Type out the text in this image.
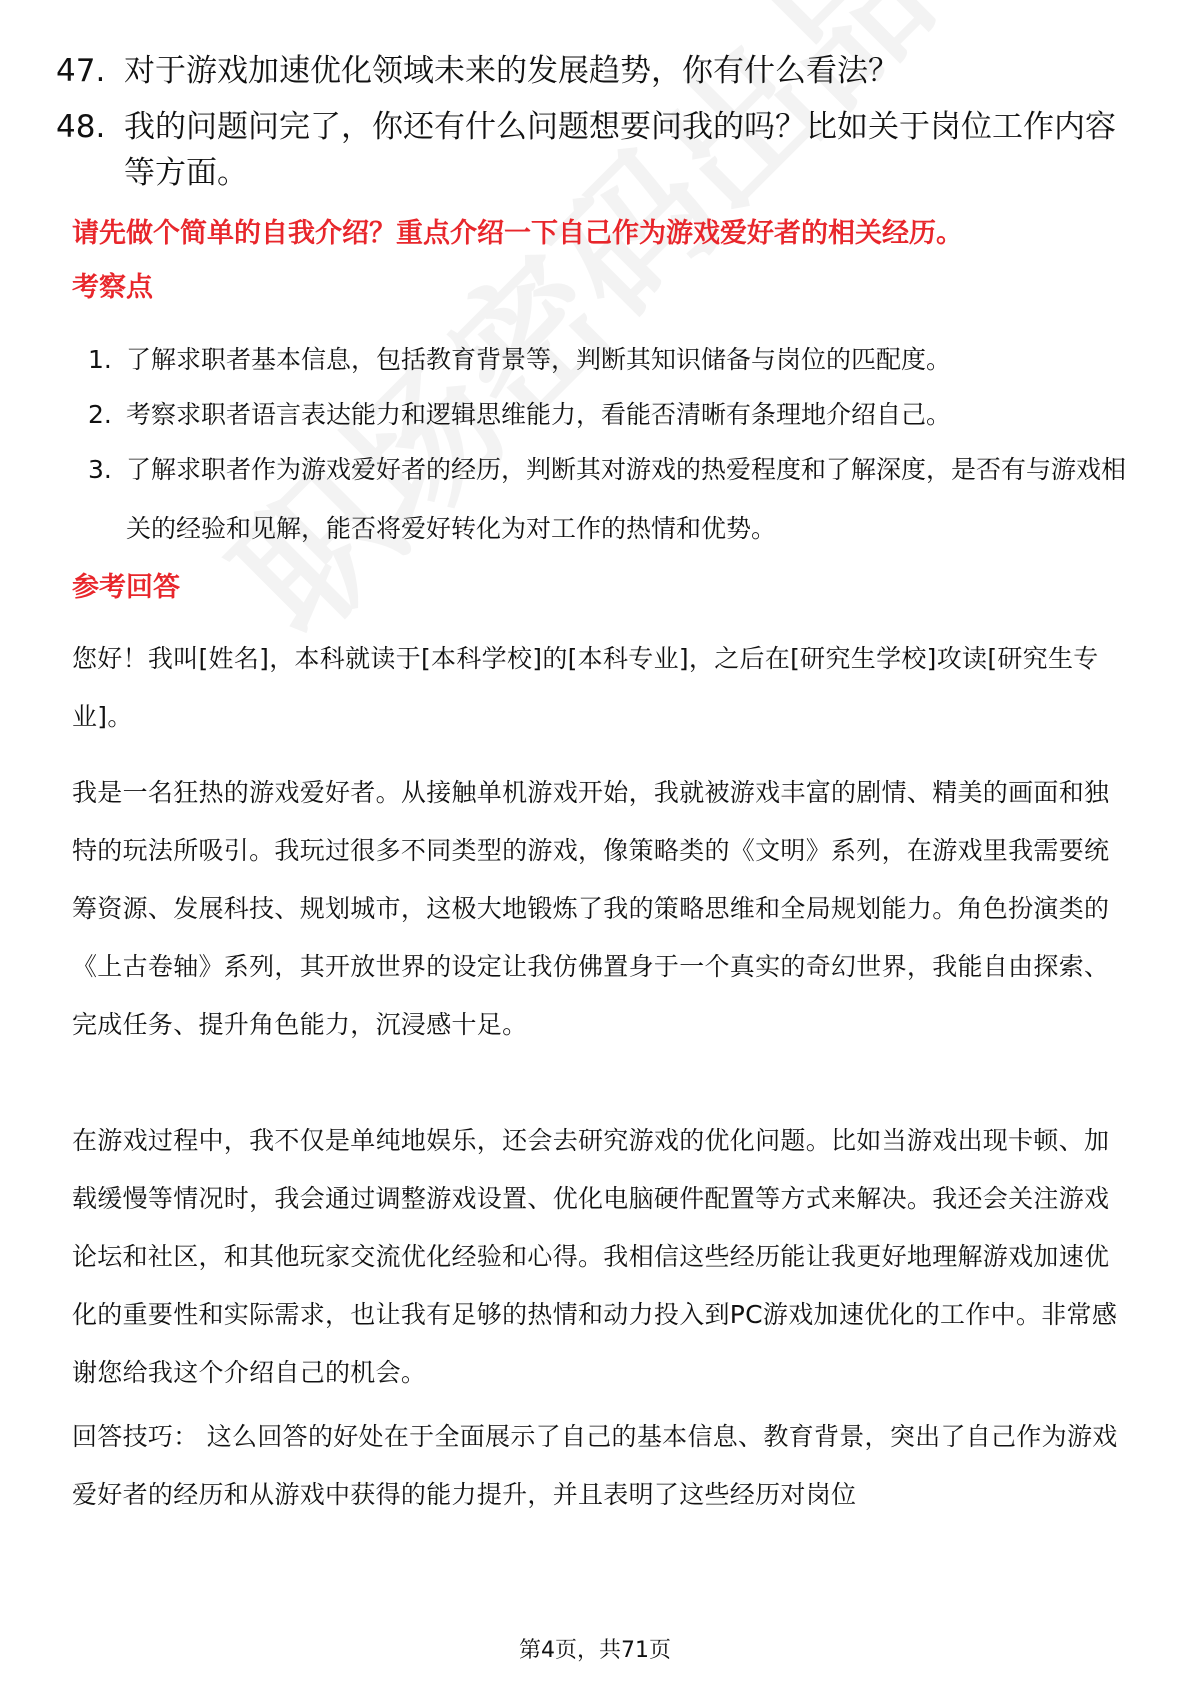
47. 对于游戏加速优化领域未来的发展趋势，你有什么看法？
48. 我的问题问完了，你还有什么问题想要问我的吗？比如关于岗位工作内容等方面。
请先做个简单的自我介绍？重点介绍一下自己作为游戏爱好者的相关经历。
考察点
1. 了解求职者基本信息，包括教育背景等，判断其知识储备与岗位的匹配度。
2. 考察求职者语言表达能力和逻辑思维能力，看能否清晰有条理地介绍自己。
3. 了解求职者作为游戏爱好者的经历，判断其对游戏的热爱程度和了解深度，是否有与游戏相关的经验和见解，能否将爱好转化为对工作的热情和优势。
参考回答
您好！我叫[姓名]，本科就读于[本科学校]的[本科专业]，之后在[研究生学校]攻读[研究生专业]。
我是一名狂热的游戏爱好者。从接触单机游戏开始，我就被游戏丰富的剧情、精美的画面和独特的玩法所吸引。我玩过很多不同类型的游戏，像策略类的《文明》系列，在游戏里我需要统筹资源、发展科技、规划城市，这极大地锻炼了我的策略思维和全局规划能力。角色扮演类的《上古卷轴》系列，其开放世界的设定让我仿佛置身于一个真实的奇幻世界，我能自由探索、完成任务、提升角色能力，沉浸感十足。
在游戏过程中，我不仅是单纯地娱乐，还会去研究游戏的优化问题。比如当游戏出现卡顿、加载缓慢等情况时，我会通过调整游戏设置、优化电脑硬件配置等方式来解决。我还会关注游戏论坛和社区，和其他玩家交流优化经验和心得。我相信这些经历能让我更好地理解游戏加速优化的重要性和实际需求，也让我有足够的热情和动力投入到PC游戏加速优化的工作中。非常感谢您给我这个介绍自己的机会。
回答技巧： 这么回答的好处在于全面展示了自己的基本信息、教育背景，突出了自己作为游戏爱好者的经历和从游戏中获得的能力提升，并且表明了这些经历对岗位
第4页，共71页
